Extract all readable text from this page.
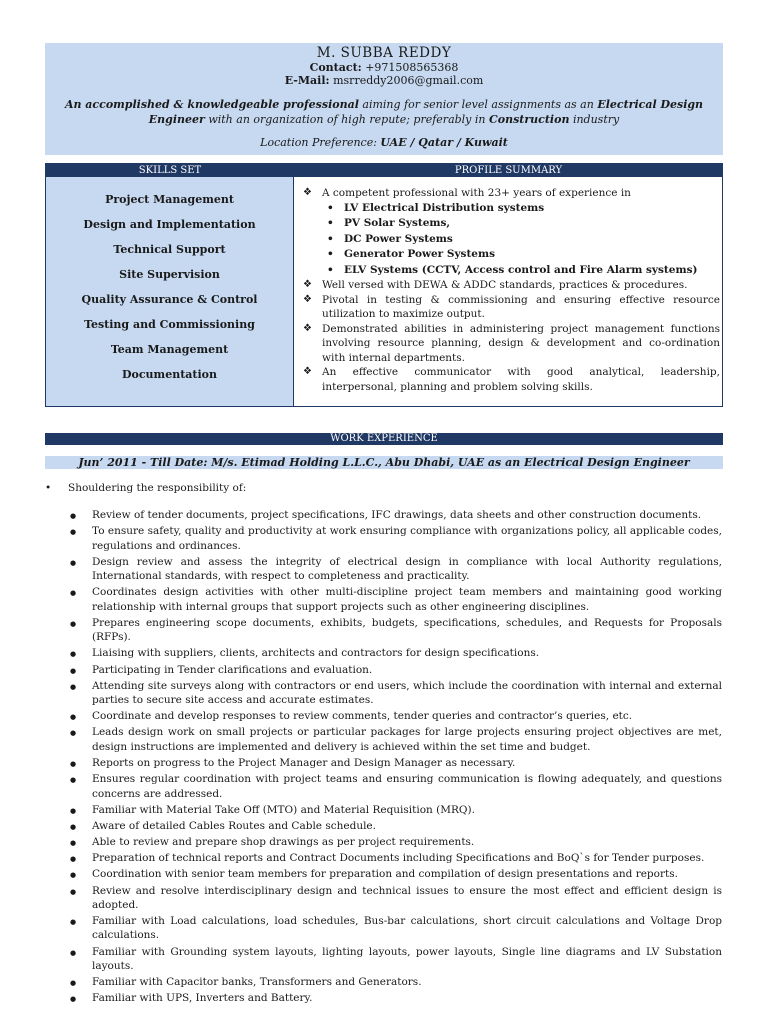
M. SUBBA REDDY
Contact: +971508565368
E-Mail: msrreddy2006@gmail.com
An accomplished & knowledgeable professional aiming for senior level assignments as an Electrical Design Engineer with an organization of high repute; preferably in Construction industry
Location Preference: UAE / Qatar / Kuwait
SKILLS SET	PROFILE SUMMARY
Project Management
Design and Implementation
Technical Support
Site Supervision
Quality Assurance & Control
Testing and Commissioning
Team Management
Documentation
❖ A competent professional with 23+ years of experience in
• LV Electrical Distribution systems
• PV Solar Systems,
• DC Power Systems
• Generator Power Systems
• ELV Systems (CCTV, Access control and Fire Alarm systems)
❖ Well versed with DEWA & ADDC standards, practices & procedures.
❖ Pivotal in testing & commissioning and ensuring effective resource utilization to maximize output.
❖ Demonstrated abilities in administering project management functions involving resource planning, design & development and co-ordination with internal departments.
❖ An effective communicator with good analytical, leadership, interpersonal, planning and problem solving skills.
WORK EXPERIENCE
Jun’ 2011 - Till Date: M/s. Etimad Holding L.L.C., Abu Dhabi, UAE as an Electrical Design Engineer
• Shouldering the responsibility of:
● Review of tender documents, project specifications, IFC drawings, data sheets and other construction documents.
● To ensure safety, quality and productivity at work ensuring compliance with organizations policy, all applicable codes, regulations and ordinances.
● Design review and assess the integrity of electrical design in compliance with local Authority regulations, International standards, with respect to completeness and practicality.
● Coordinates design activities with other multi-discipline project team members and maintaining good working relationship with internal groups that support projects such as other engineering disciplines.
● Prepares engineering scope documents, exhibits, budgets, specifications, schedules, and Requests for Proposals (RFPs).
● Liaising with suppliers, clients, architects and contractors for design specifications.
● Participating in Tender clarifications and evaluation.
● Attending site surveys along with contractors or end users, which include the coordination with internal and external parties to secure site access and accurate estimates.
● Coordinate and develop responses to review comments, tender queries and contractor’s queries, etc.
● Leads design work on small projects or particular packages for large projects ensuring project objectives are met, design instructions are implemented and delivery is achieved within the set time and budget.
● Reports on progress to the Project Manager and Design Manager as necessary.
● Ensures regular coordination with project teams and ensuring communication is flowing adequately, and questions concerns are addressed.
● Familiar with Material Take Off (MTO) and Material Requisition (MRQ).
● Aware of detailed Cables Routes and Cable schedule.
● Able to review and prepare shop drawings as per project requirements.
● Preparation of technical reports and Contract Documents including Specifications and BoQ`s for Tender purposes.
● Coordination with senior team members for preparation and compilation of design presentations and reports.
● Review and resolve interdisciplinary design and technical issues to ensure the most effect and efficient design is adopted.
● Familiar with Load calculations, load schedules, Bus-bar calculations, short circuit calculations and Voltage Drop calculations.
● Familiar with Grounding system layouts, lighting layouts, power layouts, Single line diagrams and LV Substation layouts.
● Familiar with Capacitor banks, Transformers and Generators.
● Familiar with UPS, Inverters and Battery.
